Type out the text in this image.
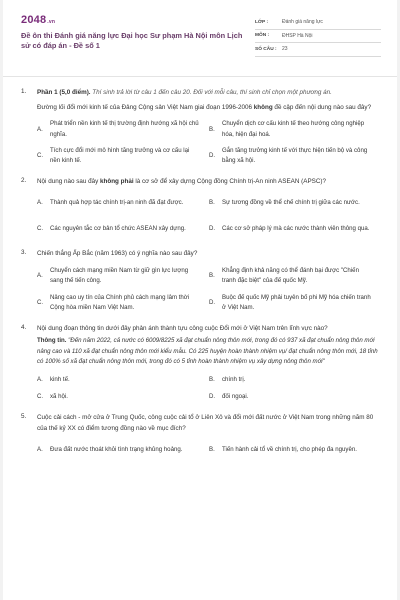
2048.vn
Đề ôn thi Đánh giá năng lực Đại học Sư phạm Hà Nội môn Lịch sử có đáp án - Đề số 1
LỚP :	Đánh giá năng lực
MÔN :	ĐHSP Hà Nội
SỐ CÂU :	23
1. Phần 1 (5,0 điểm). Thí sinh trả lời từ câu 1 đến câu 20. Đối với mỗi câu, thí sinh chỉ chọn một phương án.

Đường lối đổi mới kinh tế của Đảng Cộng sản Việt Nam giai đoạn 1996-2006 không đề cập đến nội dung nào sau đây?

A.
Phát triển nền kinh tế thị trường định hướng xã hội chủ nghĩa.
B.
Chuyển dịch cơ cấu kinh tế theo hướng công nghiệp hóa, hiện đại hoá.
C.
Tích cực đổi mới mô hình tăng trưởng và cơ cấu lại nền kinh tế.
D.
Gắn tăng trưởng kinh tế với thực hiện tiến bộ và công bằng xã hội.
2. Nội dung nào sau đây không phải là cơ sở để xây dựng Cộng đồng Chính trị-An ninh ASEAN (APSC)?

A. Thành quả hợp tác chính trị-an ninh đã đạt được.	B. Sự tương đồng về thể chế chính trị giữa các nước.
C. Các nguyên tắc cơ bản tổ chức ASEAN xây dựng.	D. Các cơ sở pháp lý mà các nước thành viên thông qua.
3. Chiến thắng Ấp Bắc (năm 1963) có ý nghĩa nào sau đây?

A.
Chuyển cách mạng miền Nam từ giữ gìn lực lượng sang thế tiến công.
B.
Khẳng định khả năng có thể đánh bại được "Chiến tranh đặc biệt" của đế quốc Mỹ.
C.
Nâng cao uy tín của Chính phủ cách mạng lâm thời Cộng hòa miền Nam Việt Nam.
D.
Buộc đế quốc Mỹ phải tuyên bố phi Mỹ hóa chiến tranh ở Việt Nam.
4. Nội dung đoạn thông tin dưới đây phản ánh thành tựu công cuộc Đổi mới ở Việt Nam trên lĩnh vực nào?

Thông tin. "Đến năm 2022, cả nước có 6009/8225 xã đạt chuẩn nông thôn mới, trong đó có 937 xã đạt chuẩn nông thôn mới nâng cao và 110 xã đạt chuẩn nông thôn mới kiểu mẫu. Có 225 huyện hoàn thành nhiệm vụ/ đạt chuẩn nông thôn mới, 18 tỉnh có 100% số xã đạt chuẩn nông thôn mới, trong đó có 5 tỉnh hoàn thành nhiệm vụ xây dựng nông thôn mới"

A. kinh tế.	B. chính trị.
C. xã hội.	D. đối ngoại.
5. Cuộc cải cách - mở cửa ở Trung Quốc, công cuộc cải tổ ở Liên Xô và đổi mới đất nước ở Việt Nam trong những năm 80 của thế kỷ XX có điểm tương đồng nào về mục đích?

A. Đưa đất nước thoát khỏi tình trạng khủng hoảng.	B. Tiến hành cải tổ về chính trị, cho phép đa nguyên.
